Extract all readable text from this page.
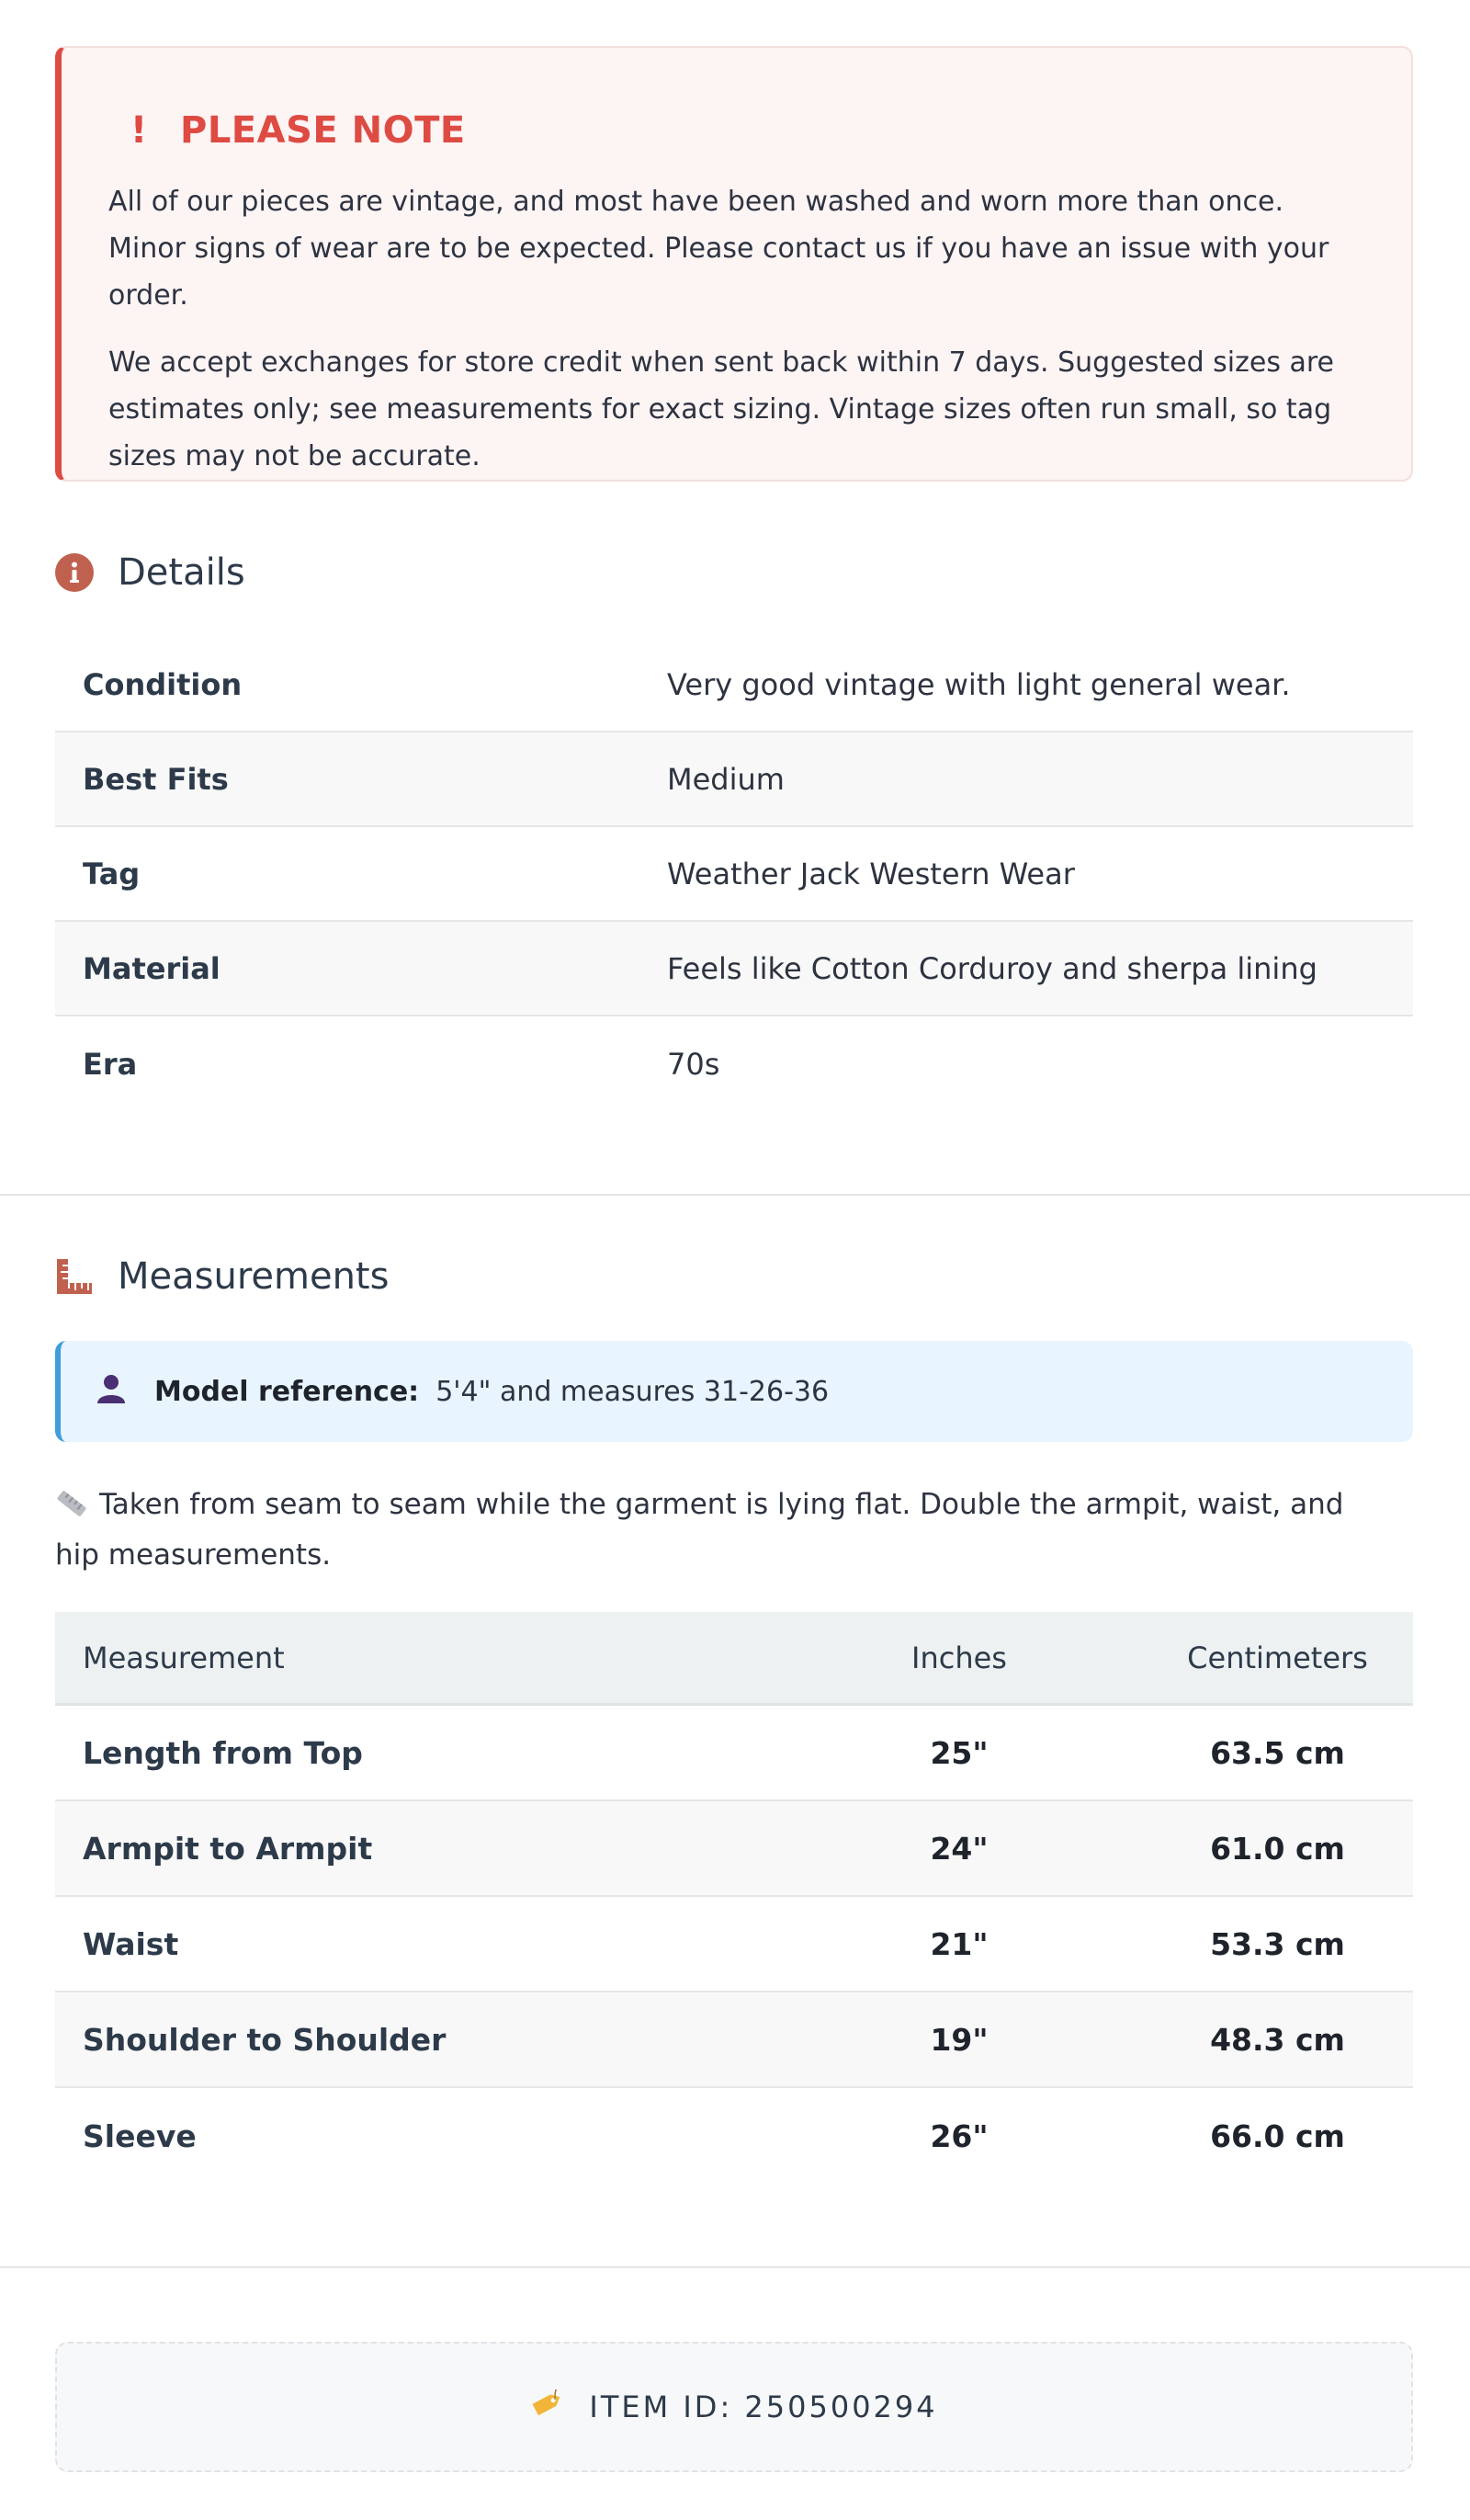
! PLEASE NOTE

All of our pieces are vintage, and most have been washed and worn more than once. Minor signs of wear are to be expected. Please contact us if you have an issue with your order.

We accept exchanges for store credit when sent back within 7 days. Suggested sizes are estimates only; see measurements for exact sizing. Vintage sizes often run small, so tag sizes may not be accurate.

Details
Condition	Very good vintage with light general wear.
Best Fits	Medium
Tag	Weather Jack Western Wear
Material	Feels like Cotton Corduroy and sherpa lining
Era	70s
Measurements
Model reference: 5'4" and measures 31-26-36
Taken from seam to seam while the garment is lying flat. Double the armpit, waist, and hip measurements.
Measurement	Inches	Centimeters
Length from Top	25"	63.5 cm
Armpit to Armpit	24"	61.0 cm
Waist	21"	53.3 cm
Shoulder to Shoulder	19"	48.3 cm
Sleeve	26"	66.0 cm
ITEM ID: 250500294
